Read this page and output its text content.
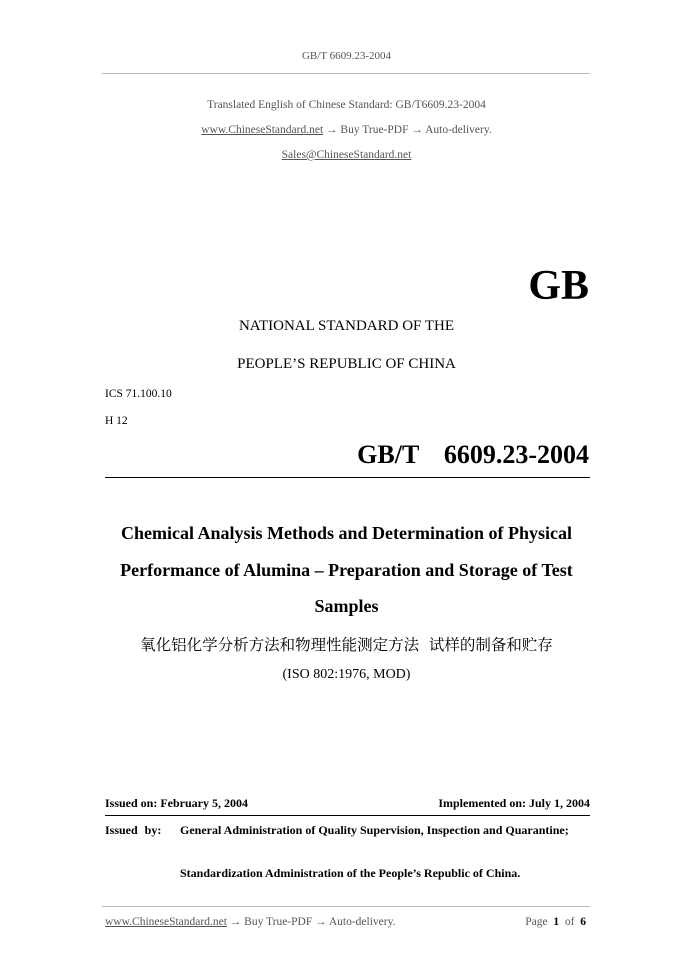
GB/T 6609.23-2004
Translated English of Chinese Standard: GB/T6609.23-2004
www.ChineseStandard.net → Buy True-PDF → Auto-delivery.
Sales@ChineseStandard.net
GB
NATIONAL STANDARD OF THE
PEOPLE’S REPUBLIC OF CHINA
ICS 71.100.10
H 12
GB/T  6609.23-2004
Chemical Analysis Methods and Determination of Physical
Performance of Alumina – Preparation and Storage of Test
Samples
氧化铝化学分析方法和物理性能测定方法  试样的制备和贮存
(ISO 802:1976, MOD)
Issued on: February 5, 2004	Implemented on: July 1, 2004
Issued by: General Administration of Quality Supervision, Inspection and Quarantine;
Standardization Administration of the People’s Republic of China.
www.ChineseStandard.net → Buy True-PDF → Auto-delivery.	Page 1 of 6
